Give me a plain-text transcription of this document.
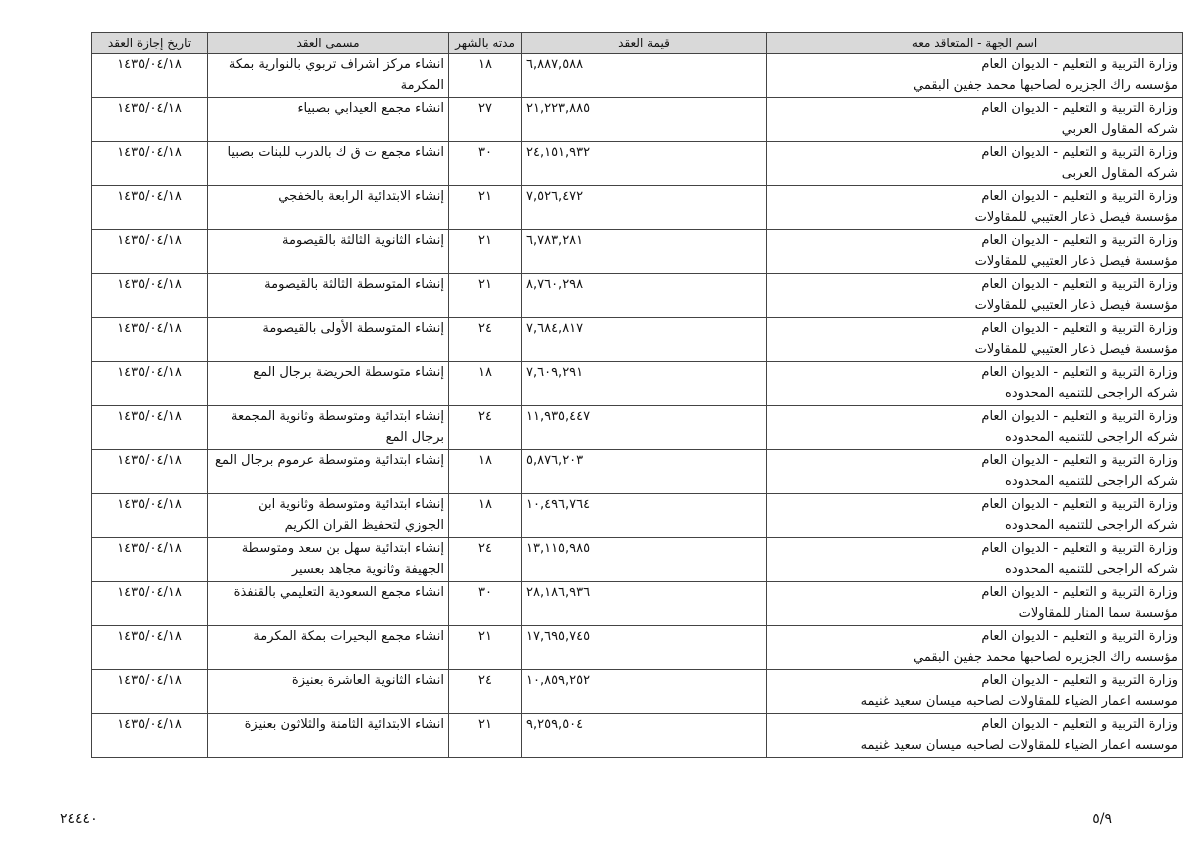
اسم الجهة - المتعاقد معه	قيمة العقد	مدته بالشهر	مسمى العقد	تاريخ إجازة العقد

وزارة التربية و التعليم - الديوان العام
مؤسسه راك الجزيره لصاحبها محمد جفين البقمي	٦,٨٨٧,٥٨٨	١٨	انشاء مركز اشراف تربوي بالنوارية بمكة
المكرمة	١٤٣٥/٠٤/١٨

وزارة التربية و التعليم - الديوان العام
شركه المقاول العربي	٢١,٢٢٣,٨٨٥	٢٧	انشاء مجمع العيدابي بصبياء	١٤٣٥/٠٤/١٨

وزارة التربية و التعليم - الديوان العام
شركه المقاول العربى	٢٤,١٥١,٩٣٢	٣٠	انشاء مجمع ت ق ك بالدرب للبنات بصبيا	١٤٣٥/٠٤/١٨

وزارة التربية و التعليم - الديوان العام
مؤسسة فيصل ذعار العتيبي للمقاولات	٧,٥٢٦,٤٧٢	٢١	إنشاء الابتدائية الرابعة بالخفجي	١٤٣٥/٠٤/١٨

وزارة التربية و التعليم - الديوان العام
مؤسسة فيصل ذعار العتيبي للمقاولات	٦,٧٨٣,٢٨١	٢١	إنشاء الثانوية الثالثة بالقيصومة	١٤٣٥/٠٤/١٨

وزارة التربية و التعليم - الديوان العام
مؤسسة فيصل ذعار العتيبي للمقاولات	٨,٧٦٠,٢٩٨	٢١	إنشاء المتوسطة الثالثة بالقيصومة	١٤٣٥/٠٤/١٨

وزارة التربية و التعليم - الديوان العام
مؤسسة فيصل ذعار العتيبي للمقاولات	٧,٦٨٤,٨١٧	٢٤	إنشاء المتوسطة الأولى بالقيصومة	١٤٣٥/٠٤/١٨

وزارة التربية و التعليم - الديوان العام
شركه الراجحى للتنميه المحدوده	٧,٦٠٩,٢٩١	١٨	إنشاء متوسطة الحريضة برجال المع	١٤٣٥/٠٤/١٨

وزارة التربية و التعليم - الديوان العام
شركه الراجحى للتنميه المحدوده	١١,٩٣٥,٤٤٧	٢٤	إنشاء ابتدائية ومتوسطة وثانوية المجمعة
برجال المع	١٤٣٥/٠٤/١٨

وزارة التربية و التعليم - الديوان العام
شركه الراجحى للتنميه المحدوده	٥,٨٧٦,٢٠٣	١٨	إنشاء ابتدائية ومتوسطة عرموم برجال المع	١٤٣٥/٠٤/١٨

وزارة التربية و التعليم - الديوان العام
شركه الراجحى للتنميه المحدوده	١٠,٤٩٦,٧٦٤	١٨	إنشاء ابتدائية ومتوسطة وثانوية ابن
الجوزي لتحفيظ القران الكريم	١٤٣٥/٠٤/١٨

وزارة التربية و التعليم - الديوان العام
شركه الراجحى للتنميه المحدوده	١٣,١١٥,٩٨٥	٢٤	إنشاء ابتدائية سهل بن سعد ومتوسطة
الجهيفة وثانوية مجاهد بعسير	١٤٣٥/٠٤/١٨

وزارة التربية و التعليم - الديوان العام
مؤسسة سما المنار للمقاولات	٢٨,١٨٦,٩٣٦	٣٠	انشاء مجمع السعودية التعليمي بالقنفذة	١٤٣٥/٠٤/١٨

وزارة التربية و التعليم - الديوان العام
مؤسسه راك الجزيره لصاحبها محمد جفين البقمي	١٧,٦٩٥,٧٤٥	٢١	انشاء مجمع البحيرات بمكة المكرمة	١٤٣٥/٠٤/١٨

وزارة التربية و التعليم - الديوان العام
موسسه اعمار الضياء للمقاولات لصاحبه ميسان سعيد غنيمه	١٠,٨٥٩,٢٥٢	٢٤	انشاء الثانوية العاشرة بعنيزة	١٤٣٥/٠٤/١٨

وزارة التربية و التعليم - الديوان العام
موسسه اعمار الضياء للمقاولات لصاحبه ميسان سعيد غنيمه	٩,٢٥٩,٥٠٤	٢١	انشاء الابتدائية الثامنة والثلاثون بعنيزة	١٤٣٥/٠٤/١٨
٢٤٤٤٠	٥/٩
